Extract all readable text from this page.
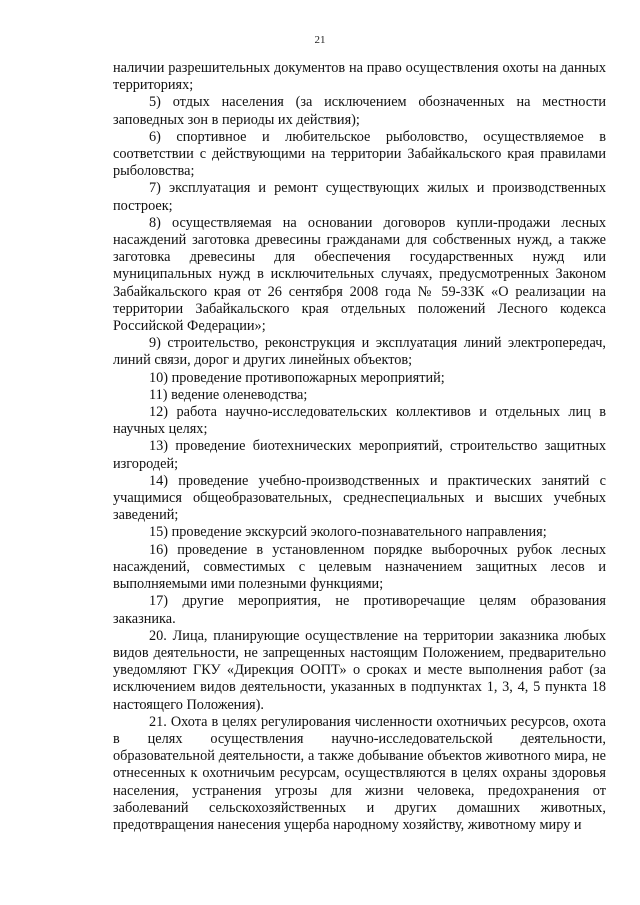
21

наличии разрешительных документов на право осуществления охоты на данных территориях;

5) отдых населения (за исключением обозначенных на местности заповедных зон в периоды их действия);

6) спортивное и любительское рыболовство, осуществляемое в соответствии с действующими на территории Забайкальского края правилами рыболовства;

7) эксплуатация и ремонт существующих жилых и производственных построек;

8) осуществляемая на основании договоров купли-продажи лесных насаждений заготовка древесины гражданами для собственных нужд, а также заготовка древесины для обеспечения государственных нужд или муниципальных нужд в исключительных случаях, предусмотренных Законом Забайкальского края от 26 сентября 2008 года № 59-ЗЗК «О реализации на территории Забайкальского края отдельных положений Лесного кодекса Российской Федерации»;

9) строительство, реконструкция и эксплуатация линий электропередач, линий связи, дорог и других линейных объектов;

10) проведение противопожарных мероприятий;

11) ведение оленеводства;

12) работа научно-исследовательских коллективов и отдельных лиц в научных целях;

13) проведение биотехнических мероприятий, строительство защитных изгородей;

14) проведение учебно-производственных и практических занятий с учащимися общеобразовательных, среднеспециальных и высших учебных заведений;

15) проведение экскурсий эколого-познавательного направления;

16) проведение в установленном порядке выборочных рубок лесных насаждений, совместимых с целевым назначением защитных лесов и выполняемыми ими полезными функциями;

17) другие мероприятия, не противоречащие целям образования заказника.

20. Лица, планирующие осуществление на территории заказника любых видов деятельности, не запрещенных настоящим Положением, предварительно уведомляют ГКУ «Дирекция ООПТ» о сроках и месте выполнения работ (за исключением видов деятельности, указанных в подпунктах 1, 3, 4, 5 пункта 18 настоящего Положения).

21. Охота в целях регулирования численности охотничьих ресурсов, охота в целях осуществления научно-исследовательской деятельности, образовательной деятельности, а также добывание объектов животного мира, не отнесенных к охотничьим ресурсам, осуществляются в целях охраны здоровья населения, устранения угрозы для жизни человека, предохранения от заболеваний сельскохозяйственных и других домашних животных, предотвращения нанесения ущерба народному хозяйству, животному миру и
